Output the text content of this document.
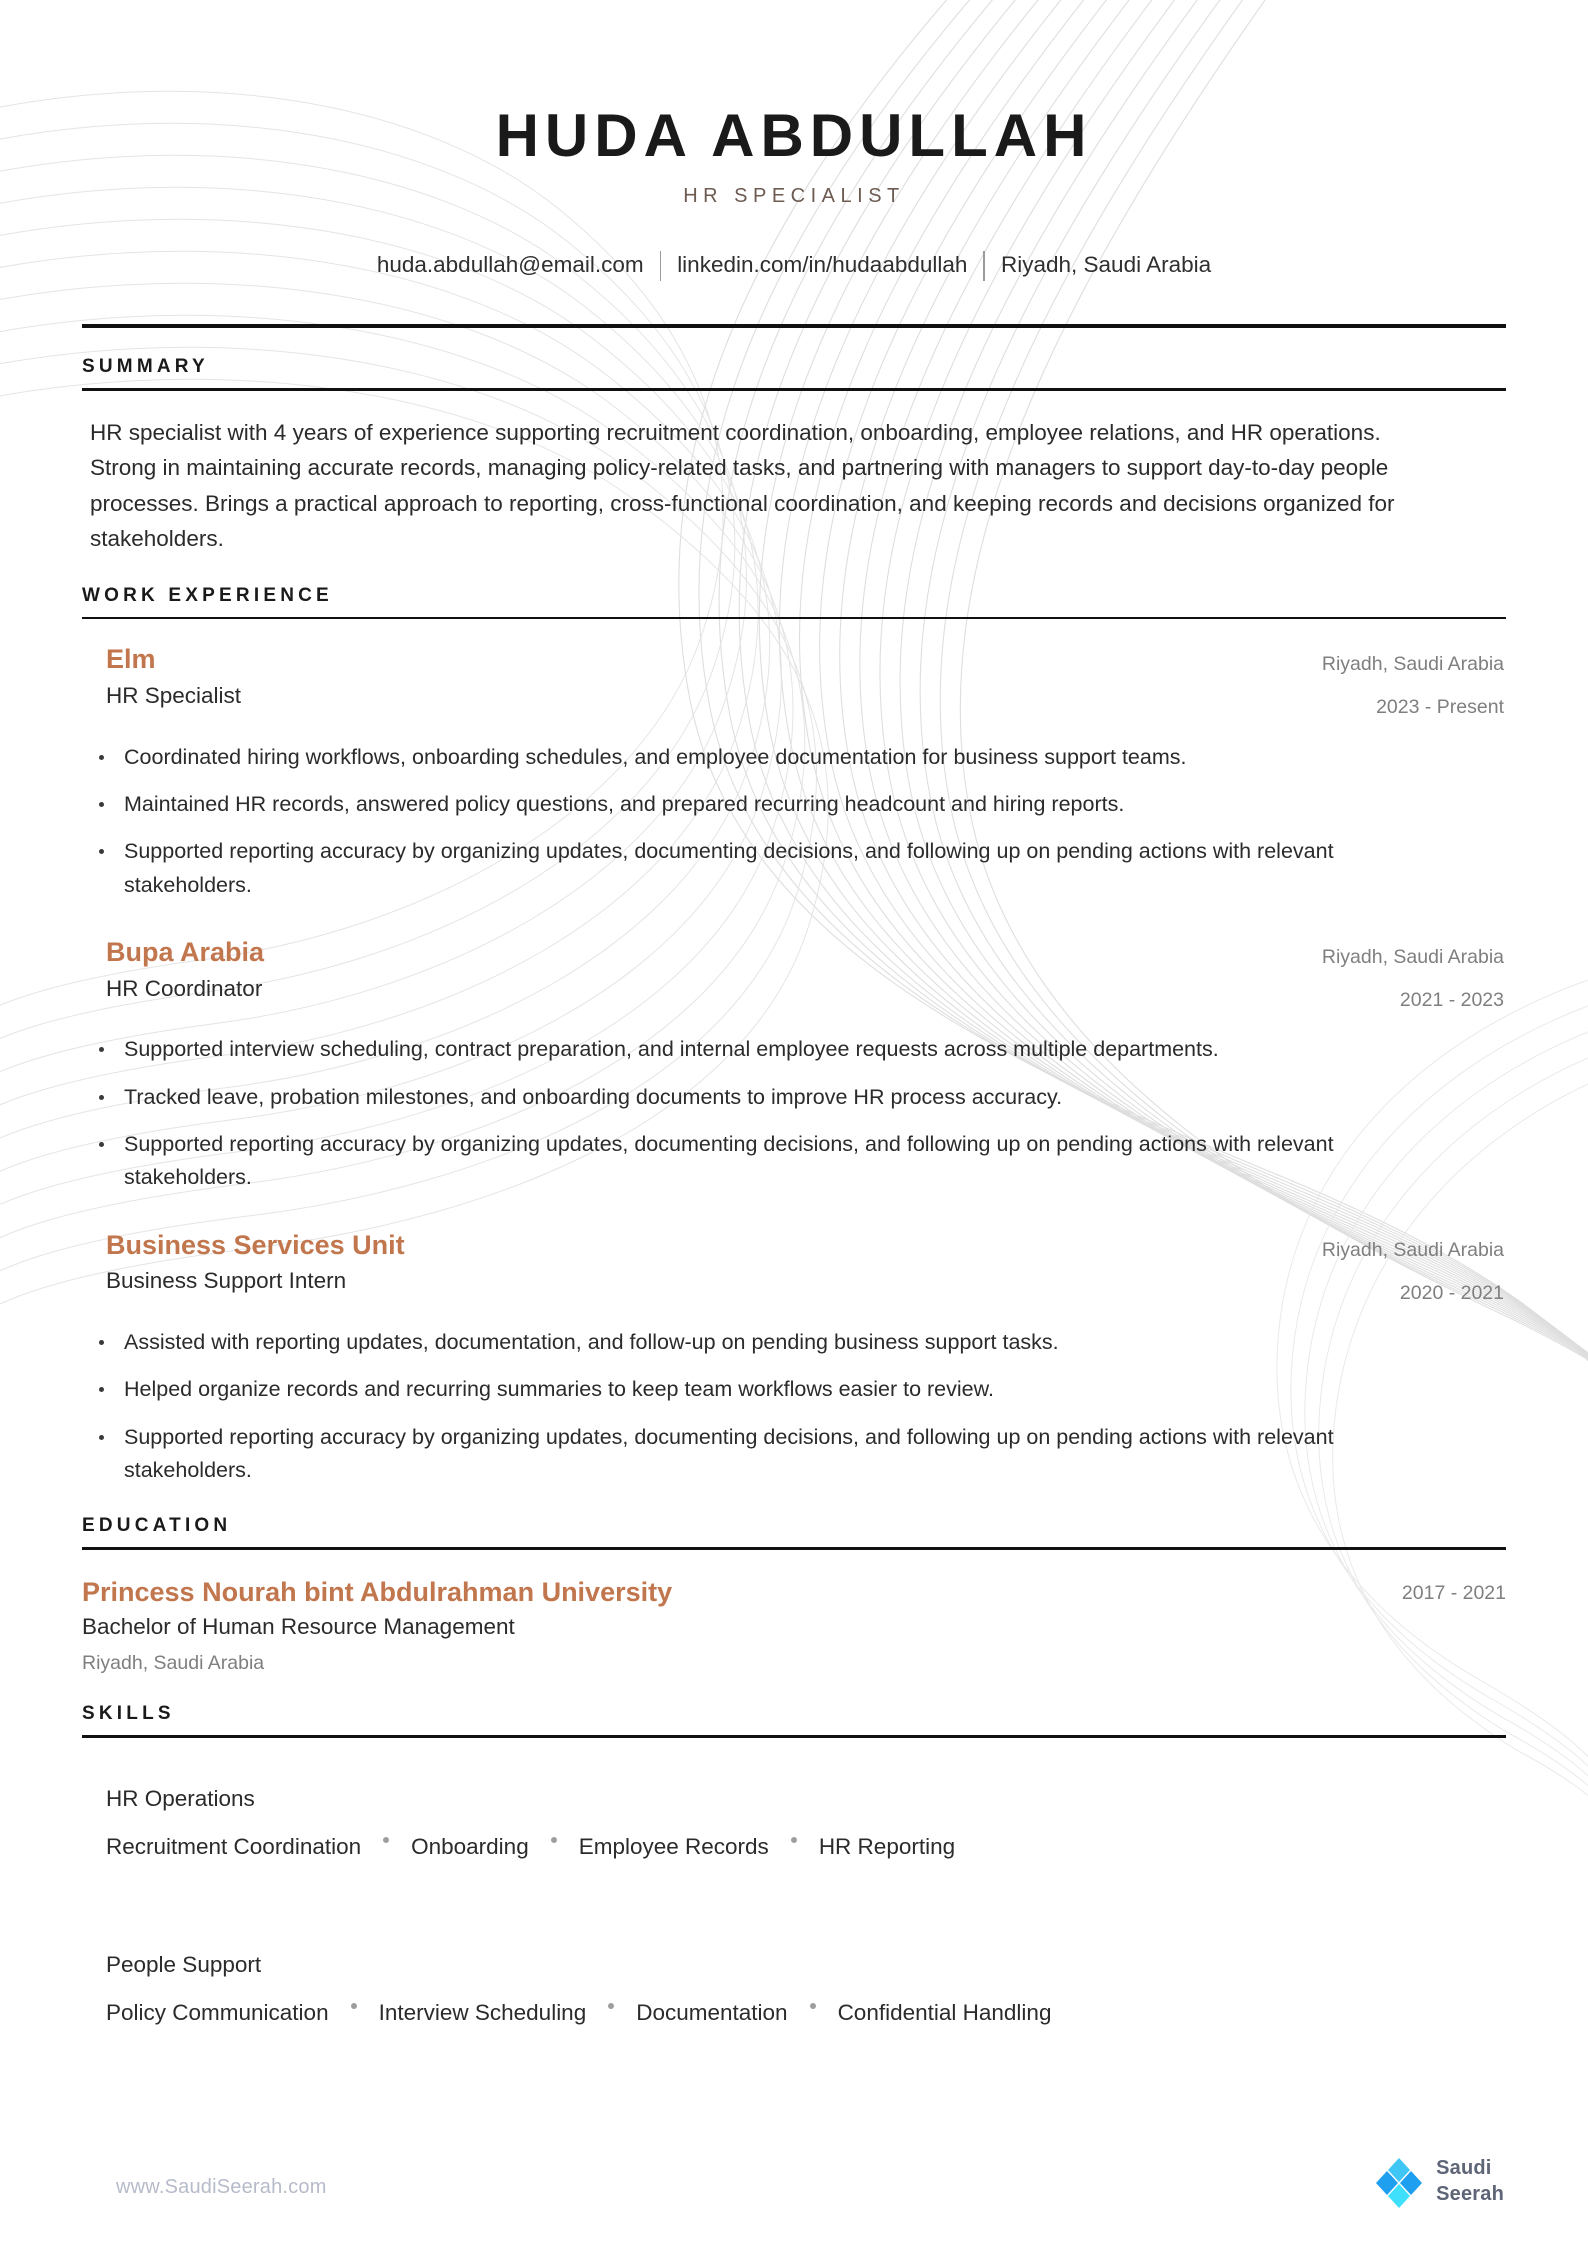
HUDA ABDULLAH
HR SPECIALIST
huda.abdullah@email.com linkedin.com/in/hudaabdullah Riyadh, Saudi Arabia
SUMMARY
HR specialist with 4 years of experience supporting recruitment coordination, onboarding, employee relations, and HR operations. Strong in maintaining accurate records, managing policy-related tasks, and partnering with managers to support day-to-day people processes. Brings a practical approach to reporting, cross-functional coordination, and keeping records and decisions organized for stakeholders.
WORK EXPERIENCE
Elm
HR Specialist
Riyadh, Saudi Arabia
2023 - Present
Coordinated hiring workflows, onboarding schedules, and employee documentation for business support teams.
Maintained HR records, answered policy questions, and prepared recurring headcount and hiring reports.
Supported reporting accuracy by organizing updates, documenting decisions, and following up on pending actions with relevant stakeholders.
Bupa Arabia
HR Coordinator
Riyadh, Saudi Arabia
2021 - 2023
Supported interview scheduling, contract preparation, and internal employee requests across multiple departments.
Tracked leave, probation milestones, and onboarding documents to improve HR process accuracy.
Supported reporting accuracy by organizing updates, documenting decisions, and following up on pending actions with relevant stakeholders.
Business Services Unit
Business Support Intern
Riyadh, Saudi Arabia
2020 - 2021
Assisted with reporting updates, documentation, and follow-up on pending business support tasks.
Helped organize records and recurring summaries to keep team workflows easier to review.
Supported reporting accuracy by organizing updates, documenting decisions, and following up on pending actions with relevant stakeholders.
EDUCATION
Princess Nourah bint Abdulrahman University
Bachelor of Human Resource Management
Riyadh, Saudi Arabia
2017 - 2021
SKILLS
HR Operations
Recruitment Coordination Onboarding Employee Records HR Reporting
People Support
Policy Communication Interview Scheduling Documentation Confidential Handling
www.SaudiSeerah.com
Saudi
Seerah
